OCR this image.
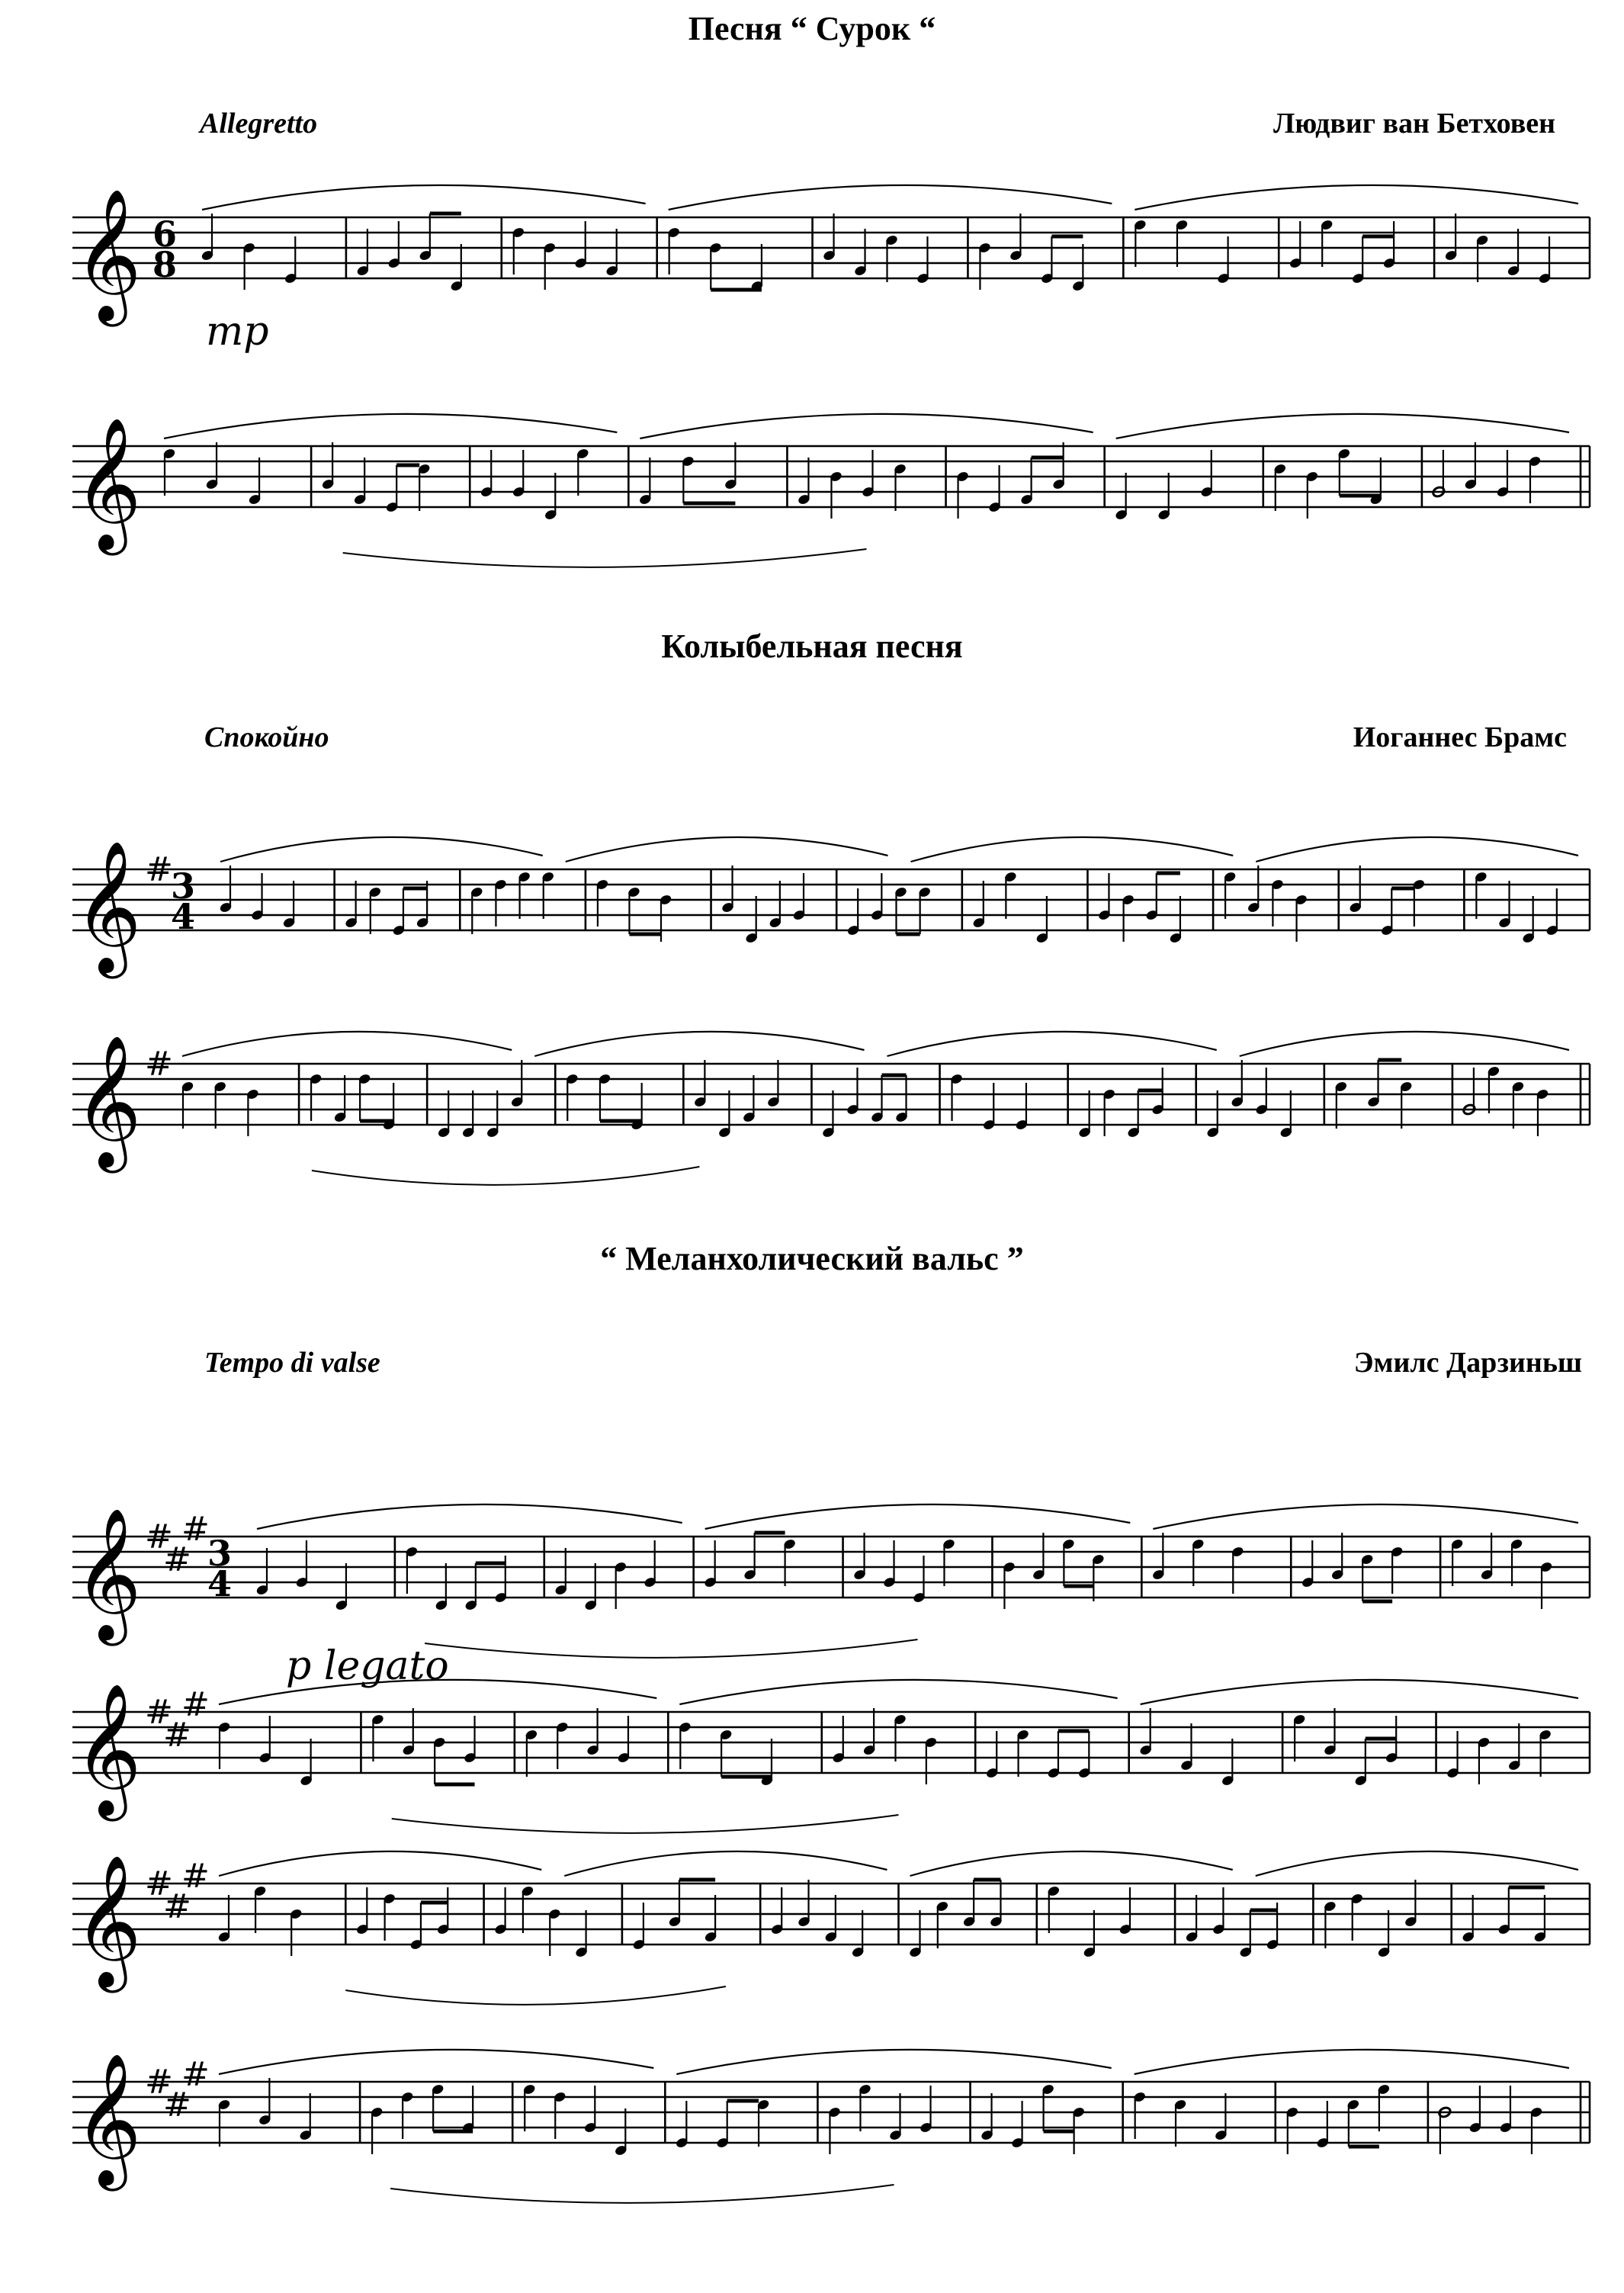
Песня “ Сурок “
Allegretto	Людвиг ван Бетховен
mp
Колыбельная песня
Спокойно	Иоганнес Брамс
“ Меланхолический вальс ”
Tempo di valse	Эмилс Дарзиньш
p legato
𝄞 6
8
𝄞
𝄞 #
3
4
𝄞 #
𝄞 #
#
#
3
4
𝄞 #
#
#
𝄞 #
#
#
𝄞 #
#
#
